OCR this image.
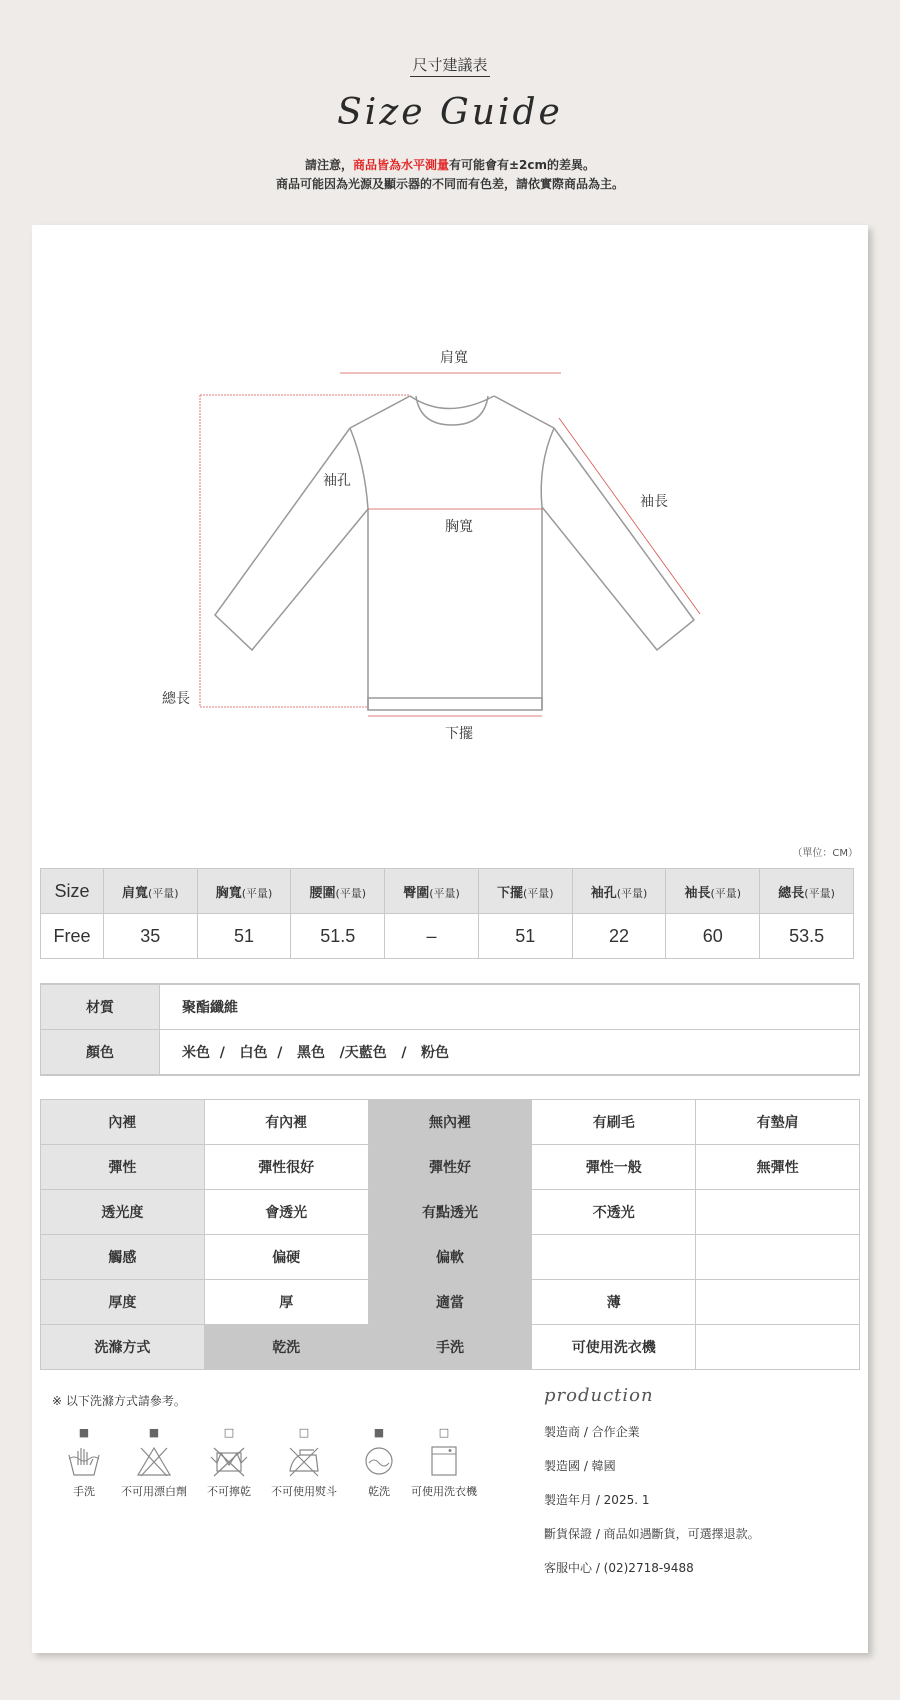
尺寸建議表
Size Guide
請注意，商品皆為水平測量有可能會有±2cm的差異。
商品可能因為光源及顯示器的不同而有色差，請依實際商品為主。
肩寬
袖孔
袖長
胸寬
總長
下擺
（單位：CM）
Size	肩寬(平量)	胸寬(平量)	腰圍(平量)	臀圍(平量)	下擺(平量)	袖孔(平量)	袖長(平量)	總長(平量)
Free	35	51	51.5	–	51	22	60	53.5
材質	聚酯纖維
顏色	米色  /   白色  /   黑色   /天藍色   /   粉色
內裡	有內裡	無內裡	有刷毛	有墊肩
彈性	彈性很好	彈性好	彈性一般	無彈性
透光度	會透光	有點透光	不透光	
觸感	偏硬	偏軟		
厚度	厚	適當	薄	
洗滌方式	乾洗	手洗	可使用洗衣機	
※ 以下洗滌方式請參考。
■
手洗
■
不可用漂白劑
□
不可擰乾
□
不可使用熨斗
■
乾洗
□
可使用洗衣機
production
製造商 / 合作企業
製造國 / 韓國
製造年月 / 2025. 1
斷貨保證 / 商品如遇斷貨，可選擇退款。
客服中心 / (02)2718-9488
